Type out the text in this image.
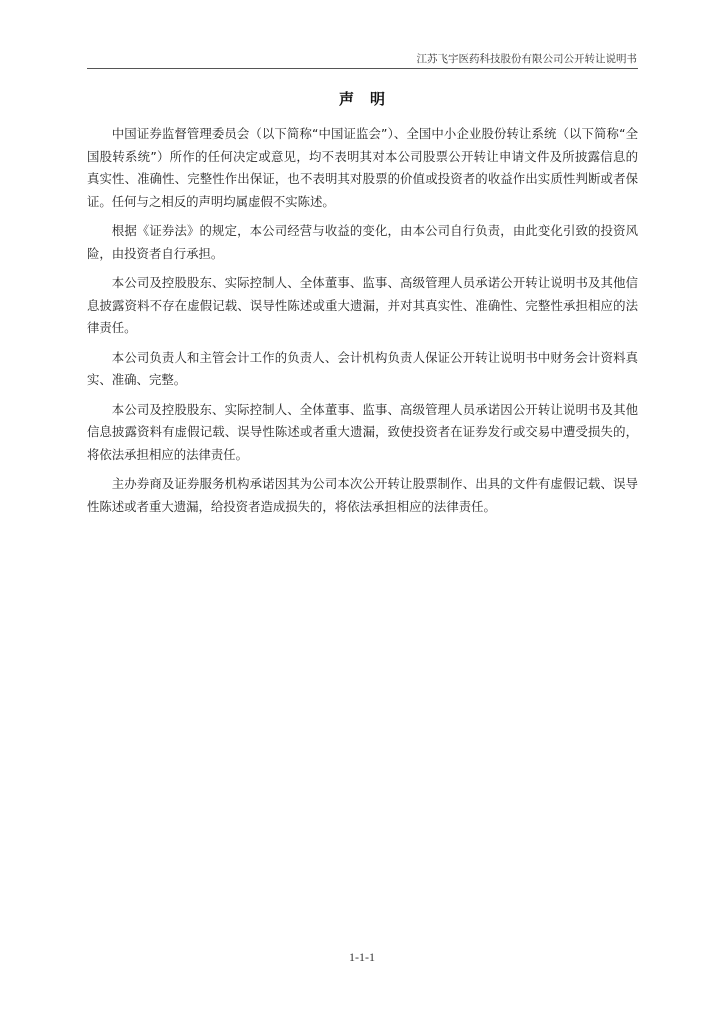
江苏飞宇医药科技股份有限公司公开转让说明书
声 明

中国证券监督管理委员会（以下简称“中国证监会”）、全国中小企业股份转让系统（以下简称“全国股转系统”）所作的任何决定或意见，均不表明其对本公司股票公开转让申请文件及所披露信息的真实性、准确性、完整性作出保证，也不表明其对股票的价值或投资者的收益作出实质性判断或者保证。任何与之相反的声明均属虚假不实陈述。

根据《证券法》的规定，本公司经营与收益的变化，由本公司自行负责，由此变化引致的投资风险，由投资者自行承担。

本公司及控股股东、实际控制人、全体董事、监事、高级管理人员承诺公开转让说明书及其他信息披露资料不存在虚假记载、误导性陈述或重大遗漏，并对其真实性、准确性、完整性承担相应的法律责任。

本公司负责人和主管会计工作的负责人、会计机构负责人保证公开转让说明书中财务会计资料真实、准确、完整。

本公司及控股股东、实际控制人、全体董事、监事、高级管理人员承诺因公开转让说明书及其他信息披露资料有虚假记载、误导性陈述或者重大遗漏，致使投资者在证券发行或交易中遭受损失的，将依法承担相应的法律责任。

主办券商及证券服务机构承诺因其为公司本次公开转让股票制作、出具的文件有虚假记载、误导性陈述或者重大遗漏，给投资者造成损失的，将依法承担相应的法律责任。

1-1-1
